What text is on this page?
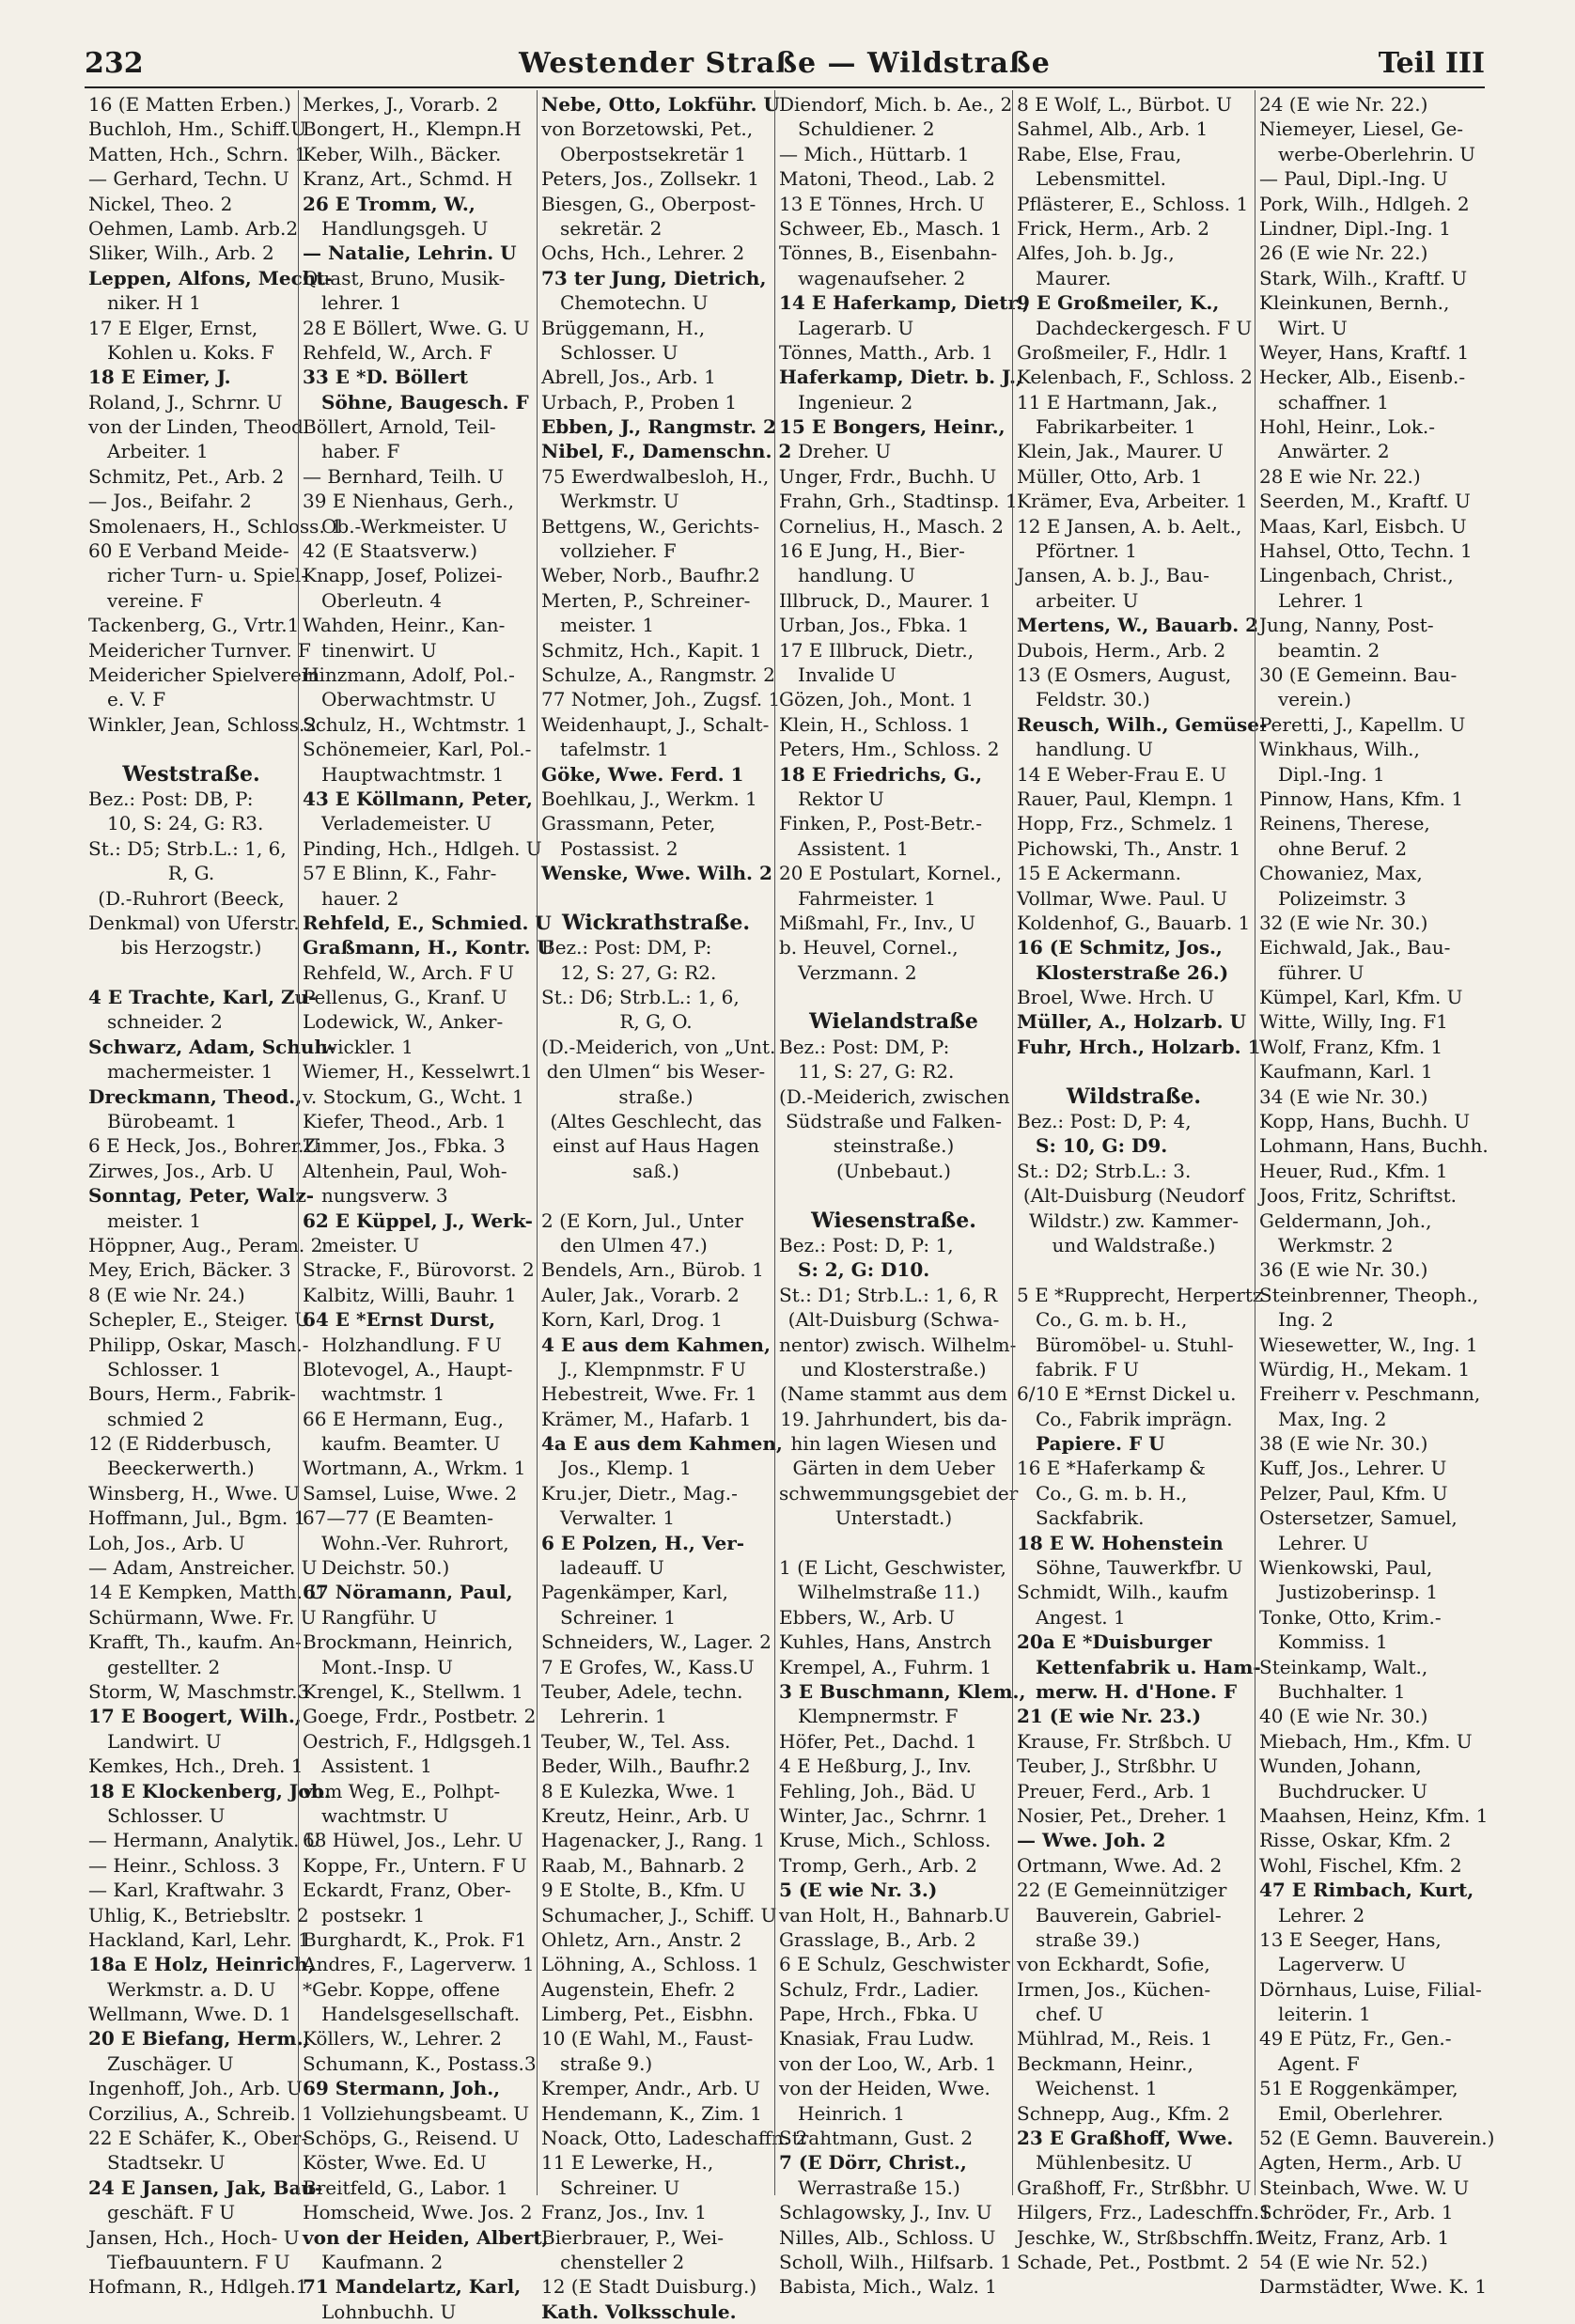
232	Westender Straße — Wildstraße	Teil III
16 (E Matten Erben.)
Buchloh, Hm., Schiff.U
Matten, Hch., Schrn. 1
— Gerhard, Techn. U
Nickel, Theo. 2
Oehmen, Lamb. Arb.2
Sliker, Wilh., Arb. 2
Leppen, Alfons, Mecht-
niker. H 1
17 E Elger, Ernst,
Kohlen u. Koks. F
18 E Eimer, J.
Roland, J., Schrnr. U
von der Linden, Theod.
Arbeiter. 1
Schmitz, Pet., Arb. 2
— Jos., Beifahr. 2
Smolenaers, H., Schloss. 1
60 E Verband Meide-
richer Turn- u. Spiel-
vereine. F
Tackenberg, G., Vrtr.1
Meidericher Turnver. F
Meidericher Spielverein
e. V. F
Winkler, Jean, Schloss.2
Weststraße.
Bez.: Post: DB, P:
10, S: 24, G: R3.
St.: D5; Strb.L.: 1, 6,
R, G.
(D.-Ruhrort (Beeck,
Denkmal) von Uferstr.
bis Herzogstr.)
4 E Trachte, Karl, Zu-
schneider. 2
Schwarz, Adam, Schuh-
machermeister. 1
Dreckmann, Theod.,
Bürobeamt. 1
6 E Heck, Jos., Bohrer.U
Zirwes, Jos., Arb. U
Sonntag, Peter, Walz-
meister. 1
Höppner, Aug., Peram. 2
Mey, Erich, Bäcker. 3
8 (E wie Nr. 24.)
Schepler, E., Steiger. U
Philipp, Oskar, Masch.-
Schlosser. 1
Bours, Herm., Fabrik-
schmied 2
12 (E Ridderbusch,
Beeckerwerth.)
Winsberg, H., Wwe. U
Hoffmann, Jul., Bgm. 1
Loh, Jos., Arb. U
— Adam, Anstreicher. U
14 E Kempken, Matth. U
Schürmann, Wwe. Fr. U
Krafft, Th., kaufm. An-
gestellter. 2
Storm, W, Maschmstr.3
17 E Boogert, Wilh.,
Landwirt. U
Kemkes, Hch., Dreh. 1
18 E Klockenberg, Joh.
Schlosser. U
— Hermann, Analytik. U
— Heinr., Schloss. 3
— Karl, Kraftwahr. 3
Uhlig, K., Betriebsltr. 2
Hackland, Karl, Lehr. 1
18a E Holz, Heinrich,
Werkmstr. a. D. U
Wellmann, Wwe. D. 1
20 E Biefang, Herm.,
Zuschäger. U
Ingenhoff, Joh., Arb. U
Corzilius, A., Schreib. 1
22 E Schäfer, K., Ober-
Stadtsekr. U
24 E Jansen, Jak, Bau-
geschäft. F U
Jansen, Hch., Hoch- U
Tiefbauuntern. F U
Hofmann, R., Hdlgeh.1
Merkes, J., Vorarb. 2
Bongert, H., Klempn.H
Keber, Wilh., Bäcker.
Kranz, Art., Schmd. H
26 E Tromm, W.,
Handlungsgeh. U
— Natalie, Lehrin. U
Quast, Bruno, Musik-
lehrer. 1
28 E Böllert, Wwe. G. U
Rehfeld, W., Arch. F
33 E *D. Böllert
Söhne, Baugesch. F
Böllert, Arnold, Teil-
haber. F
— Bernhard, Teilh. U
39 E Nienhaus, Gerh.,
Ob.-Werkmeister. U
42 (E Staatsverw.)
Knapp, Josef, Polizei-
Oberleutn. 4
Wahden, Heinr., Kan-
tinenwirt. U
Hinzmann, Adolf, Pol.-
Oberwachtmstr. U
Schulz, H., Wchtmstr. 1
Schönemeier, Karl, Pol.-
Hauptwachtmstr. 1
43 E Köllmann, Peter,
Verlademeister. U
Pinding, Hch., Hdlgeh. U
57 E Blinn, K., Fahr-
hauer. 2
Rehfeld, E., Schmied. U
Graßmann, H., Kontr. U
Rehfeld, W., Arch. F U
Pellenus, G., Kranf. U
Lodewick, W., Anker-
wickler. 1
Wiemer, H., Kesselwrt.1
v. Stockum, G., Wcht. 1
Kiefer, Theod., Arb. 1
Zimmer, Jos., Fbka. 3
Altenhein, Paul, Woh-
nungsverw. 3
62 E Küppel, J., Werk-
meister. U
Stracke, F., Bürovorst. 2
Kalbitz, Willi, Bauhr. 1
64 E *Ernst Durst,
Holzhandlung. F U
Blotevogel, A., Haupt-
wachtmstr. 1
66 E Hermann, Eug.,
kaufm. Beamter. U
Wortmann, A., Wrkm. 1
Samsel, Luise, Wwe. 2
67—77 (E Beamten-
Wohn.-Ver. Ruhrort,
Deichstr. 50.)
67 Nöramann, Paul,
Rangführ. U
Brockmann, Heinrich,
Mont.-Insp. U
Krengel, K., Stellwm. 1
Goege, Frdr., Postbetr. 2
Oestrich, F., Hdlgsgeh.1
Assistent. 1
vom Weg, E., Polhpt-
wachtmstr. U
68 Hüwel, Jos., Lehr. U
Koppe, Fr., Untern. F U
Eckardt, Franz, Ober-
postsekr. 1
Burghardt, K., Prok. F1
Andres, F., Lagerverw. 1
*Gebr. Koppe, offene
Handelsgesellschaft.
Köllers, W., Lehrer. 2
Schumann, K., Postass.3
69 Stermann, Joh.,
Vollziehungsbeamt. U
Schöps, G., Reisend. U
Köster, Wwe. Ed. U
Breitfeld, G., Labor. 1
Homscheid, Wwe. Jos. 2
von der Heiden, Albert,
Kaufmann. 2
71 Mandelartz, Karl,
Lohnbuchh. U
Nebe, Otto, Lokführ. U
von Borzetowski, Pet.,
Oberpostsekretär 1
Peters, Jos., Zollsekr. 1
Biesgen, G., Oberpost-
sekretär. 2
Ochs, Hch., Lehrer. 2
73 ter Jung, Dietrich,
Chemotechn. U
Brüggemann, H.,
Schlosser. U
Abrell, Jos., Arb. 1
Urbach, P., Proben 1
Ebben, J., Rangmstr. 2
Nibel, F., Damenschn. 2
75 Ewerdwalbesloh, H.,
Werkmstr. U
Bettgens, W., Gerichts-
vollzieher. F
Weber, Norb., Baufhr.2
Merten, P., Schreiner-
meister. 1
Schmitz, Hch., Kapit. 1
Schulze, A., Rangmstr. 2
77 Notmer, Joh., Zugsf. 1
Weidenhaupt, J., Schalt-
tafelmstr. 1
Göke, Wwe. Ferd. 1
Boehlkau, J., Werkm. 1
Grassmann, Peter,
Postassist. 2
Wenske, Wwe. Wilh. 2
Wickrathstraße.
Bez.: Post: DM, P:
12, S: 27, G: R2.
St.: D6; Strb.L.: 1, 6,
R, G, O.
(D.-Meiderich, von „Unt.
den Ulmen“ bis Weser-
straße.)
(Altes Geschlecht, das
einst auf Haus Hagen
saß.)
2 (E Korn, Jul., Unter
den Ulmen 47.)
Bendels, Arn., Bürob. 1
Auler, Jak., Vorarb. 2
Korn, Karl, Drog. 1
4 E aus dem Kahmen,
J., Klempnmstr. F U
Hebestreit, Wwe. Fr. 1
Krämer, M., Hafarb. 1
4a E aus dem Kahmen,
Jos., Klemp. 1
Kru.jer, Dietr., Mag.-
Verwalter. 1
6 E Polzen, H., Ver-
ladeauff. U
Pagenkämper, Karl,
Schreiner. 1
Schneiders, W., Lager. 2
7 E Grofes, W., Kass.U
Teuber, Adele, techn.
Lehrerin. 1
Teuber, W., Tel. Ass.
Beder, Wilh., Baufhr.2
8 E Kulezka, Wwe. 1
Kreutz, Heinr., Arb. U
Hagenacker, J., Rang. 1
Raab, M., Bahnarb. 2
9 E Stolte, B., Kfm. U
Schumacher, J., Schiff. U
Ohletz, Arn., Anstr. 2
Löhning, A., Schloss. 1
Augenstein, Ehefr. 2
Limberg, Pet., Eisbhn.
10 (E Wahl, M., Faust-
straße 9.)
Kremper, Andr., Arb. U
Hendemann, K., Zim. 1
Noack, Otto, Ladeschaffn. 2
11 E Lewerke, H.,
Schreiner. U
Franz, Jos., Inv. 1
Bierbrauer, P., Wei-
chensteller 2
12 (E Stadt Duisburg.)
Kath. Volksschule.
Diendorf, Mich. b. Ae., 2
Schuldiener. 2
— Mich., Hüttarb. 1
Matoni, Theod., Lab. 2
13 E Tönnes, Hrch. U
Schweer, Eb., Masch. 1
Tönnes, B., Eisenbahn-
wagenaufseher. 2
14 E Haferkamp, Dietr.,
Lagerarb. U
Tönnes, Matth., Arb. 1
Haferkamp, Dietr. b. J.,
Ingenieur. 2
15 E Bongers, Heinr.,
Dreher. U
Unger, Frdr., Buchh. U
Frahn, Grh., Stadtinsp. 1
Cornelius, H., Masch. 2
16 E Jung, H., Bier-
handlung. U
Illbruck, D., Maurer. 1
Urban, Jos., Fbka. 1
17 E Illbruck, Dietr.,
Invalide U
Gözen, Joh., Mont. 1
Klein, H., Schloss. 1
Peters, Hm., Schloss. 2
18 E Friedrichs, G.,
Rektor U
Finken, P., Post-Betr.-
Assistent. 1
20 E Postulart, Kornel.,
Fahrmeister. 1
Mißmahl, Fr., Inv., U
b. Heuvel, Cornel.,
Verzmann. 2
Wielandstraße
Bez.: Post: DM, P:
11, S: 27, G: R2.
(D.-Meiderich, zwischen
Südstraße und Falken-
steinstraße.)
(Unbebaut.)
Wiesenstraße.
Bez.: Post: D, P: 1,
S: 2, G: D10.
St.: D1; Strb.L.: 1, 6, R
(Alt-Duisburg (Schwa-
nentor) zwisch. Wilhelm-
und Klosterstraße.)
(Name stammt aus dem
19. Jahrhundert, bis da-
hin lagen Wiesen und
Gärten in dem Ueber
schwemmungsgebiet der
Unterstadt.)
1 (E Licht, Geschwister,
Wilhelmstraße 11.)
Ebbers, W., Arb. U
Kuhles, Hans, Anstrch
Krempel, A., Fuhrm. 1
3 E Buschmann, Klem.,
Klempnermstr. F
Höfer, Pet., Dachd. 1
4 E Heßburg, J., Inv.
Fehling, Joh., Bäd. U
Winter, Jac., Schrnr. 1
Kruse, Mich., Schloss.
Tromp, Gerh., Arb. 2
5 (E wie Nr. 3.)
van Holt, H., Bahnarb.U
Grasslage, B., Arb. 2
6 E Schulz, Geschwister
Schulz, Frdr., Ladier.
Pape, Hrch., Fbka. U
Knasiak, Frau Ludw.
von der Loo, W., Arb. 1
von der Heiden, Wwe.
Heinrich. 1
Strahtmann, Gust. 2
7 (E Dörr, Christ.,
Werrastraße 15.)
Schlagowsky, J., Inv. U
Nilles, Alb., Schloss. U
Scholl, Wilh., Hilfsarb. 1
Babista, Mich., Walz. 1
8 E Wolf, L., Bürbot. U
Sahmel, Alb., Arb. 1
Rabe, Else, Frau,
Lebensmittel.
Pflästerer, E., Schloss. 1
Frick, Herm., Arb. 2
Alfes, Joh. b. Jg.,
Maurer.
9 E Großmeiler, K.,
Dachdeckergesch. F U
Großmeiler, F., Hdlr. 1
Kelenbach, F., Schloss. 2
11 E Hartmann, Jak.,
Fabrikarbeiter. 1
Klein, Jak., Maurer. U
Müller, Otto, Arb. 1
Krämer, Eva, Arbeiter. 1
12 E Jansen, A. b. Aelt.,
Pförtner. 1
Jansen, A. b. J., Bau-
arbeiter. U
Mertens, W., Bauarb. 2
Dubois, Herm., Arb. 2
13 (E Osmers, August,
Feldstr. 30.)
Reusch, Wilh., Gemüse-
handlung. U
14 E Weber-Frau E. U
Rauer, Paul, Klempn. 1
Hopp, Frz., Schmelz. 1
Pichowski, Th., Anstr. 1
15 E Ackermann.
Vollmar, Wwe. Paul. U
Koldenhof, G., Bauarb. 1
16 (E Schmitz, Jos.,
Klosterstraße 26.)
Broel, Wwe. Hrch. U
Müller, A., Holzarb. U
Fuhr, Hrch., Holzarb. 1
Wildstraße.
Bez.: Post: D, P: 4,
S: 10, G: D9.
St.: D2; Strb.L.: 3.
(Alt-Duisburg (Neudorf
Wildstr.) zw. Kammer-
und Waldstraße.)
5 E *Rupprecht, Herpertz
Co., G. m. b. H.,
Büromöbel- u. Stuhl-
fabrik. F U
6/10 E *Ernst Dickel u.
Co., Fabrik imprägn.
Papiere. F U
16 E *Haferkamp &
Co., G. m. b. H.,
Sackfabrik.
18 E W. Hohenstein
Söhne, Tauwerkfbr. U
Schmidt, Wilh., kaufm
Angest. 1
20a E *Duisburger
Kettenfabrik u. Ham-
merw. H. d'Hone. F
21 (E wie Nr. 23.)
Krause, Fr. Strßbch. U
Teuber, J., Strßbhr. U
Preuer, Ferd., Arb. 1
Nosier, Pet., Dreher. 1
— Wwe. Joh. 2
Ortmann, Wwe. Ad. 2
22 (E Gemeinnütziger
Bauverein, Gabriel-
straße 39.)
von Eckhardt, Sofie,
Irmen, Jos., Küchen-
chef. U
Mühlrad, M., Reis. 1
Beckmann, Heinr.,
Weichenst. 1
Schnepp, Aug., Kfm. 2
23 E Graßhoff, Wwe.
Mühlenbesitz. U
Graßhoff, Fr., Strßbhr. U
Hilgers, Frz., Ladeschffn.1
Jeschke, W., Strßbschffn.1
Schade, Pet., Postbmt. 2
24 (E wie Nr. 22.)
Niemeyer, Liesel, Ge-
werbe-Oberlehrin. U
— Paul, Dipl.-Ing. U
Pork, Wilh., Hdlgeh. 2
Lindner, Dipl.-Ing. 1
26 (E wie Nr. 22.)
Stark, Wilh., Kraftf. U
Kleinkunen, Bernh.,
Wirt. U
Weyer, Hans, Kraftf. 1
Hecker, Alb., Eisenb.-
schaffner. 1
Hohl, Heinr., Lok.-
Anwärter. 2
28 E wie Nr. 22.)
Seerden, M., Kraftf. U
Maas, Karl, Eisbch. U
Hahsel, Otto, Techn. 1
Lingenbach, Christ.,
Lehrer. 1
Jung, Nanny, Post-
beamtin. 2
30 (E Gemeinn. Bau-
verein.)
Peretti, J., Kapellm. U
Winkhaus, Wilh.,
Dipl.-Ing. 1
Pinnow, Hans, Kfm. 1
Reinens, Therese,
ohne Beruf. 2
Chowaniez, Max,
Polizeimstr. 3
32 (E wie Nr. 30.)
Eichwald, Jak., Bau-
führer. U
Kümpel, Karl, Kfm. U
Witte, Willy, Ing. F1
Wolf, Franz, Kfm. 1
Kaufmann, Karl. 1
34 (E wie Nr. 30.)
Kopp, Hans, Buchh. U
Lohmann, Hans, Buchh.
Heuer, Rud., Kfm. 1
Joos, Fritz, Schriftst.
Geldermann, Joh.,
Werkmstr. 2
36 (E wie Nr. 30.)
Steinbrenner, Theoph.,
Ing. 2
Wiesewetter, W., Ing. 1
Würdig, H., Mekam. 1
Freiherr v. Peschmann,
Max, Ing. 2
38 (E wie Nr. 30.)
Kuff, Jos., Lehrer. U
Pelzer, Paul, Kfm. U
Ostersetzer, Samuel,
Lehrer. U
Wienkowski, Paul,
Justizoberinsp. 1
Tonke, Otto, Krim.-
Kommiss. 1
Steinkamp, Walt.,
Buchhalter. 1
40 (E wie Nr. 30.)
Miebach, Hm., Kfm. U
Wunden, Johann,
Buchdrucker. U
Maahsen, Heinz, Kfm. 1
Risse, Oskar, Kfm. 2
Wohl, Fischel, Kfm. 2
47 E Rimbach, Kurt,
Lehrer. 2
13 E Seeger, Hans,
Lagerverw. U
Dörnhaus, Luise, Filial-
leiterin. 1
49 E Pütz, Fr., Gen.-
Agent. F
51 E Roggenkämper,
Emil, Oberlehrer.
52 (E Gemn. Bauverein.)
Agten, Herm., Arb. U
Steinbach, Wwe. W. U
Schröder, Fr., Arb. 1
Weitz, Franz, Arb. 1
54 (E wie Nr. 52.)
Darmstädter, Wwe. K. 1
